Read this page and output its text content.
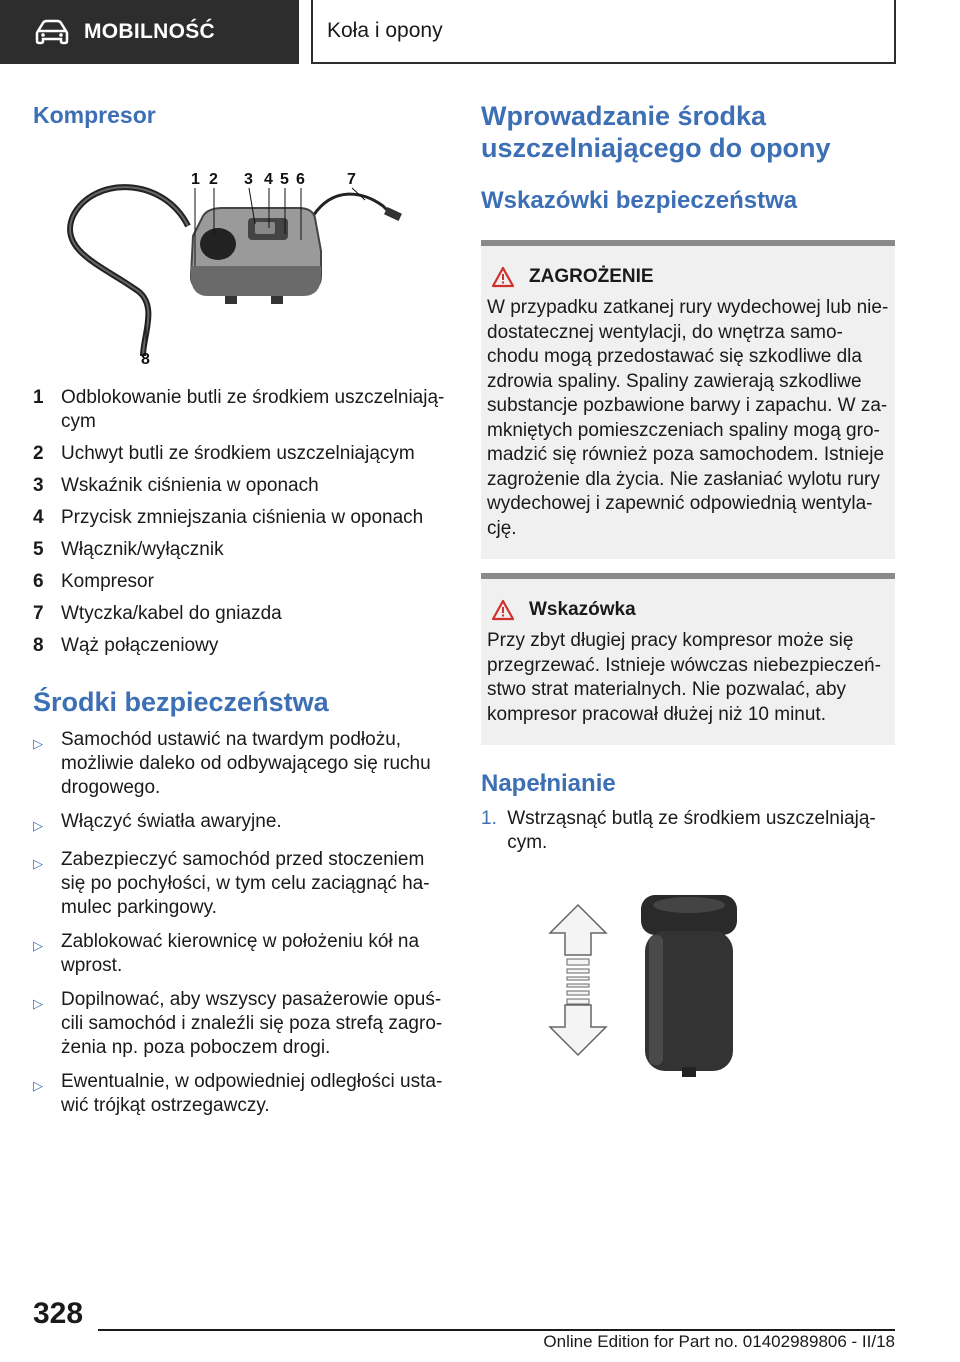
MOBILNOŚĆ	Koła i opony
Kompresor
1 2 3 4 5 6	7
8
1 Odblokowanie butli ze środkiem uszczelniają‐ cym
2 Uchwyt butli ze środkiem uszczelniającym
3 Wskaźnik ciśnienia w oponach
4 Przycisk zmniejszania ciśnienia w oponach
5 Włącznik/wyłącznik
6 Kompresor
7 Wtyczka/kabel do gniazda
8 Wąż połączeniowy
Środki bezpieczeństwa
▷ Samochód ustawić na twardym podłożu, możliwie daleko od odbywającego się ruchu drogowego.
▷ Włączyć światła awaryjne.
▷ Zabezpieczyć samochód przed stoczeniem się po pochyłości, w tym celu zaciągnąć ha‐ mulec parkingowy.
▷ Zablokować kierownicę w położeniu kół na wprost.
▷ Dopilnować, aby wszyscy pasażerowie opuś‐ cili samochód i znaleźli się poza strefą zagro‐ żenia np. poza poboczem drogi.
▷ Ewentualnie, w odpowiedniej odległości usta‐ wić trójkąt ostrzegawczy.
Wprowadzanie środka uszczelniającego do opony
Wskazówki bezpieczeństwa
ZAGROŻENIE
W przypadku zatkanej rury wydechowej lub nie‐ dostatecznej wentylacji, do wnętrza samo‐ chodu mogą przedostawać się szkodliwe dla zdrowia spaliny. Spaliny zawierają szkodliwe substancje pozbawione barwy i zapachu. W za‐ mkniętych pomieszczeniach spaliny mogą gro‐ madzić się również poza samochodem. Istnieje zagrożenie dla życia. Nie zasłaniać wylotu rury wydechowej i zapewnić odpowiednią wentyla‐ cję.
Wskazówka
Przy zbyt długiej pracy kompresor może się przegrzewać. Istnieje wówczas niebezpieczeń‐ stwo strat materialnych. Nie pozwalać, aby kompresor pracował dłużej niż 10 minut.
Napełnianie
1. Wstrząsnąć butlą ze środkiem uszczelniają‐ cym.
328
Online Edition for Part no. 01402989806 - II/18
